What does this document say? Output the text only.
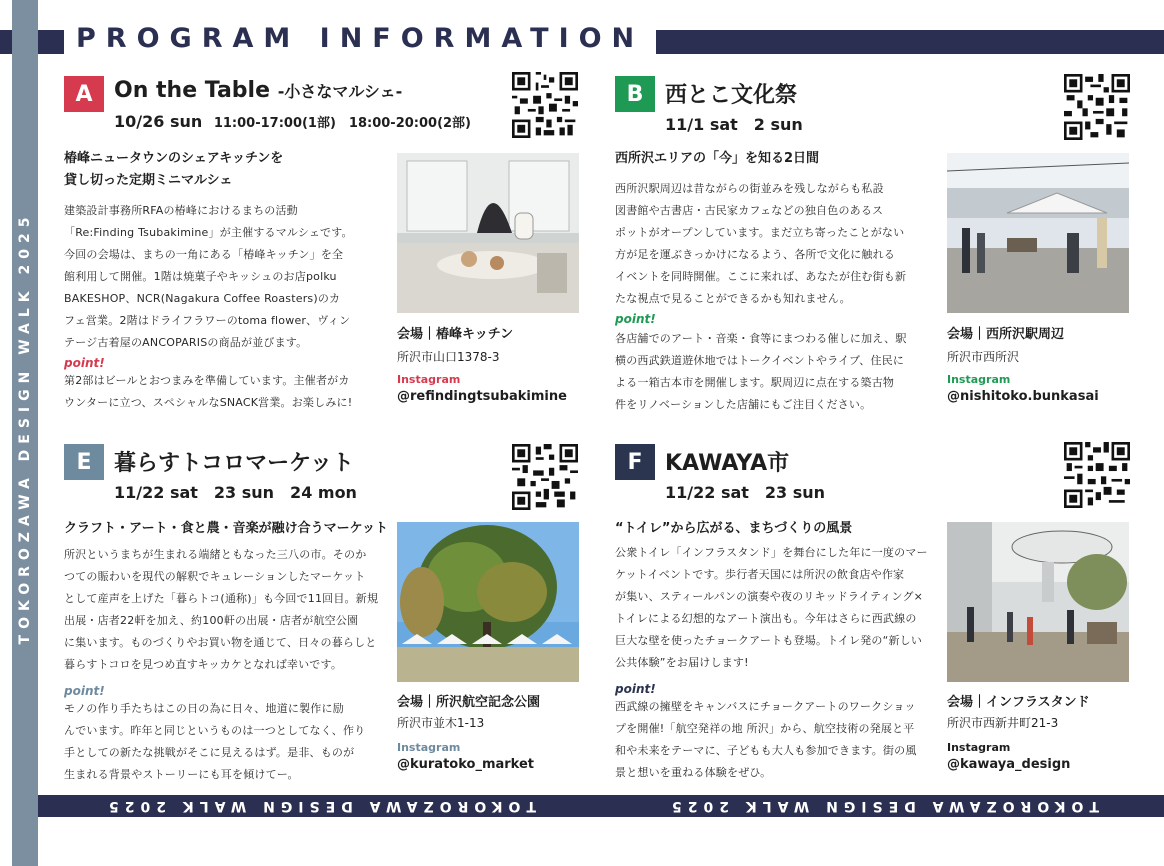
PROGRAM INFORMATION
TOKOROZAWA DESIGN WALK 2025
TOKOROZAWA DESIGN WALK 2025	TOKOROZAWA DESIGN WALK 2025
A On the Table -小さなマルシェ-
10/26 sun 11:00-17:00(1部)　18:00-20:00(2部)
椿峰ニュータウンのシェアキッチンを
貸し切った定期ミニマルシェ
建築設計事務所RFAの椿峰におけるまちの活動
「Re:Finding Tsubakimine」が主催するマルシェです。
今回の会場は、まちの一角にある「椿峰キッチン」を全
館利用して開催。1階は焼菓子やキッシュのお店polku
BAKESHOP、NCR(Nagakura Coffee Roasters)のカ
フェ営業。2階はドライフラワーのtoma flower、ヴィン
テージ古着屋のANCOPARISの商品が並びます。
point!
第2部はビールとおつまみを準備しています。主催者がカ
ウンターに立つ、スペシャルなSNACK営業。お楽しみに!
会場｜椿峰キッチン
所沢市山口1378-3
Instagram
@refindingtsubakimine
B 西とこ文化祭
11/1 sat　2 sun
西所沢エリアの「今」を知る2日間
西所沢駅周辺は昔ながらの街並みを残しながらも私設
図書館や古書店・古民家カフェなどの独自色のあるス
ポットがオープンしています。まだ立ち寄ったことがない
方が足を運ぶきっかけになるよう、各所で文化に触れる
イベントを同時開催。ここに来れば、あなたが住む街も新
たな視点で見ることができるかも知れません。
point!
各店舗でのアート・音楽・食等にまつわる催しに加え、駅
横の西武鉄道遊休地ではトークイベントやライブ、住民に
よる一箱古本市を開催します。駅周辺に点在する築古物
件をリノベーションした店舗にもご注目ください。
会場｜西所沢駅周辺
所沢市西所沢
Instagram
@nishitoko.bunkasai
E	暮らすトコロマーケット
11/22 sat　23 sun　24 mon
クラフト・アート・食と農・音楽が融け合うマーケット
所沢というまちが生まれる端緒ともなった三八の市。そのか
つての賑わいを現代の解釈でキュレーションしたマーケット
として産声を上げた「暮らトコ(通称)」も今回で11回目。新規
出展・店者22軒を加え、約100軒の出展・店者が航空公園
に集います。ものづくりやお買い物を通じて、日々の暮らしと
暮らすトコロを見つめ直すキッカケとなれば幸いです。
point!
モノの作り手たちはこの日の為に日々、地道に製作に励
んでいます。昨年と同じというものは一つとしてなく、作り
手としての新たな挑戦がそこに見えるはず。是非、ものが
生まれる背景やストーリーにも耳を傾けてー。
会場｜所沢航空記念公園
所沢市並木1-13
Instagram
@kuratoko_market
F	KAWAYA市
11/22 sat　23 sun
“トイレ”から広がる、まちづくりの風景
公衆トイレ「インフラスタンド」を舞台にした年に一度のマー
ケットイベントです。歩行者天国には所沢の飲食店や作家
が集い、スティールパンの演奏や夜のリキッドライティング×
トイレによる幻想的なアート演出も。今年はさらに西武線の
巨大な壁を使ったチョークアートも登場。トイレ発の“新しい
公共体験”をお届けします!
point!
西武線の擁壁をキャンバスにチョークアートのワークショッ
プを開催!「航空発祥の地 所沢」から、航空技術の発展と平
和や未来をテーマに、子どもも大人も参加できます。街の風
景と想いを重ねる体験をぜひ。
会場｜インフラスタンド
所沢市西新井町21-3
Instagram
@kawaya_design
